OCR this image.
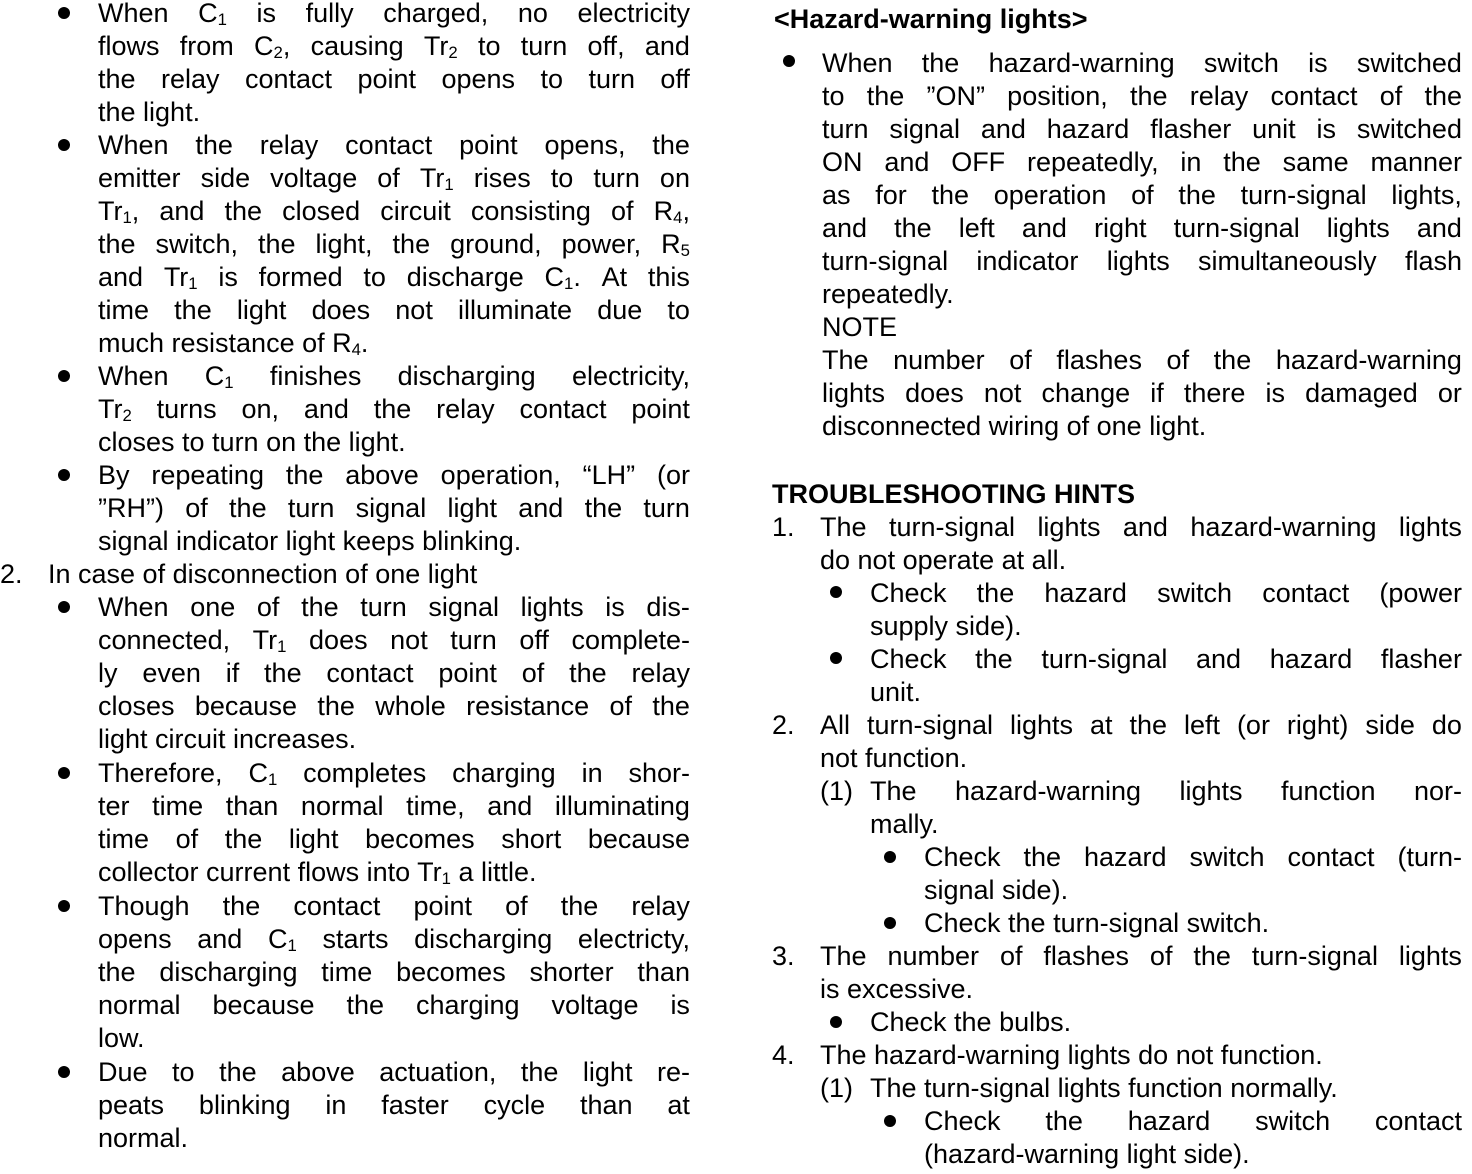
When $C_1$ is fully charged, no electricity
flows from $C_2$, causing $Tr_2$ to turn off, and
the relay contact point opens to turn off
the light.
When the relay contact point opens, the
emitter side voltage of $Tr_1$ rises to turn on
$Tr_1$, and the closed circuit consisting of $R_4$,
the switch, the light, the ground, power, $R_5$
and $Tr_1$ is formed to discharge $C_1$. At this
time the light does not illuminate due to
much resistance of $R_4$.
When $C_1$ finishes discharging electricity,
$Tr_2$ turns on, and the relay contact point
closes to turn on the light.
By repeating the above operation, “LH” (or
”RH”) of the turn signal light and the turn
signal indicator light keeps blinking.
2. In case of disconnection of one light
When one of the turn signal lights is dis-
connected, $Tr_1$ does not turn off complete-
ly even if the contact point of the relay
closes because the whole resistance of the
light circuit increases.
Therefore, $C_1$ completes charging in shor-
ter time than normal time, and illuminating
time of the light becomes short because
collector current flows into $Tr_1$ a little.
Though the contact point of the relay
opens and $C_1$ starts discharging electricty,
the discharging time becomes shorter than
normal because the charging voltage is
low.
Due to the above actuation, the light re-
peats blinking in faster cycle than at
normal.
<Hazard-warning lights>
When the hazard-warning switch is switched
to the ”ON” position, the relay contact of the
turn signal and hazard flasher unit is switched
ON and OFF repeatedly, in the same manner
as for the operation of the turn-signal lights,
and the left and right turn-signal lights and
turn-signal indicator lights simultaneously flash
repeatedly.
NOTE
The number of flashes of the hazard-warning
lights does not change if there is damaged or
disconnected wiring of one light.
TROUBLESHOOTING HINTS
1. The turn-signal lights and hazard-warning lights
do not operate at all.
Check the hazard switch contact (power
supply side).
Check the turn-signal and hazard flasher
unit.
2. All turn-signal lights at the left (or right) side do
not function.
(1) The hazard-warning lights function nor-
mally.
Check the hazard switch contact (turn-
signal side).
Check the turn-signal switch.
3. The number of flashes of the turn-signal lights
is excessive.
Check the bulbs.
4. The hazard-warning lights do not function.
(1) The turn-signal lights function normally.
Check the hazard switch contact
(hazard-warning light side).
